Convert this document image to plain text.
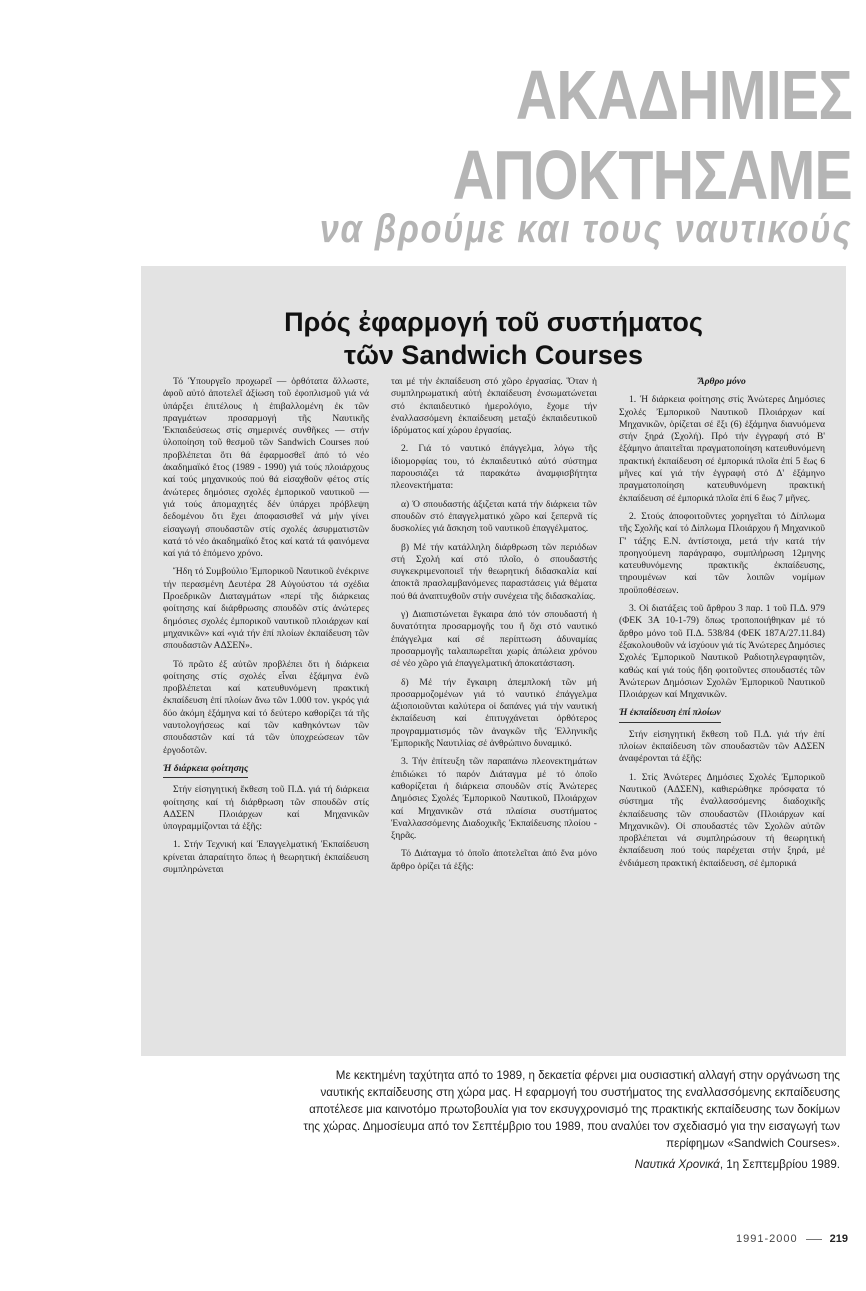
ΑΚΑΔΗΜΙΕΣ
ΑΠΟΚΤΗΣΑΜΕ
να βρούμε και τους ναυτικούς
Πρός ἐφαρμογή τοῦ συστήματος
τῶν Sandwich Courses

Τό Ὑπουργεῖο προχωρεῖ — ὀρθότατα ἄλλωστε, ἀφοῦ αὐτό ἀποτελεῖ ἀξίωση τοῦ ἐφοπλισμοῦ γιά νά ὑπάρξει ἐπιτέλους ἡ ἐπιβαλλομένη ἐκ τῶν πραγμάτων προσαρμογή τῆς Ναυτικῆς Ἐκπαιδεύσεως στίς σημερινές συνθῆκες — στήν ὑλοποίηση τοῦ θεσμοῦ τῶν Sandwich Courses πού προβλέπεται ὅτι θά ἐφαρμοσθεῖ ἀπό τό νέο ἀκαδημαϊκό ἔτος (1989 - 1990) γιά τούς πλοιάρχους καί τούς μηχανικούς πού θά εἰσαχθοῦν φέτος στίς ἀνώτερες δημόσιες σχολές ἐμπορικοῦ ναυτικοῦ — γιά τούς ἀπομαχητές δέν ὑπάρχει πρόβλεψη δεδομένου ὅτι ἔχει ἀποφασισθεῖ νά μήν γίνει εἰσαγωγή σπουδαστῶν στίς σχολές ἀσυρματιστῶν κατά τό νέο ἀκαδημαϊκό ἔτος καί κατά τά φαινόμενα καί γιά τό ἑπόμενο χρόνο.

Ἤδη τό Συμβούλιο Ἐμπορικοῦ Ναυτικοῦ ἐνέκρινε τήν περασμένη Δευτέρα 28 Αὐγούστου τά σχέδια Προεδρικῶν Διαταγμάτων «περί τῆς διάρκειας φοίτησης καί διάρθρωσης σπουδῶν στίς ἀνώτερες δημόσιες σχολές ἐμπορικοῦ ναυτικοῦ πλοιάρχων καί μηχανικῶν» καί «γιά τήν ἐπί πλοίων ἐκπαίδευση τῶν σπουδαστῶν ΑΔΣΕΝ».

Τό πρῶτο ἐξ αὐτῶν προβλέπει ὅτι ἡ διάρκεια φοίτησης στίς σχολές εἶναι ἑξάμηνα ἐνῶ προβλέπεται καί κατευθυνόμενη πρακτική ἐκπαίδευση ἐπί πλοίων ἄνω τῶν 1.000 τον. γκρός γιά δύο ἀκόμη ἑξάμηνα καί τό δεύτερο καθορίζει τά τῆς ναυτολογήσεως καί τῶν καθηκόντων τῶν σπουδαστῶν καί τά τῶν ὑποχρεώσεων τῶν ἐργοδοτῶν.

Ἡ διάρκεια φοίτησης

Στήν εἰσηγητική ἔκθεση τοῦ Π.Δ. γιά τή διάρκεια φοίτησης καί τή διάρθρωση τῶν σπουδῶν στίς ΑΔΣΕΝ Πλοιάρχων καί Μηχανικῶν ὑπογραμμίζονται τά ἑξῆς:

1. Στήν Τεχνική καί Ἐπαγγελματική Ἐκπαίδευση κρίνεται ἀπαραίτητο ὅπως ἡ θεωρητική ἐκπαίδευση συμπληρώνεται

ται μέ τήν ἐκπαίδευση στό χῶρο ἐργασίας. Ὅταν ἡ συμπληρωματική αὐτή ἐκπαίδευση ἐνσωματώνεται στό ἐκπαιδευτικό ἡμερολόγιο, ἔχομε τήν ἐναλλασσόμενη ἐκπαίδευση μεταξύ ἐκπαιδευτικοῦ ἱδρύματος καί χώρου ἐργασίας.

2. Γιά τό ναυτικό ἐπάγγελμα, λόγω τῆς ἰδιομορφίας του, τό ἐκπαιδευτικό αὐτό σύστημα παρουσιάζει τά παρακάτω ἀναμφισβήτητα πλεονεκτήματα:

α) Ὁ σπουδαστής ἀξιζεται κατά τήν διάρκεια τῶν σπουδῶν στό ἐπαγγελματικό χῶρο καί ξεπερνᾶ τίς δυσκολίες γιά ἄσκηση τοῦ ναυτικοῦ ἐπαγγέλματος.

β) Μέ τήν κατάλληλη διάρθρωση τῶν περιόδων στή Σχολή καί στό πλοῖο, ὁ σπουδαστής συγκεκριμενοποιεῖ τήν θεωρητική διδασκαλία καί ἀποκτᾶ πρασλαμβανόμενες παραστάσεις γιά θέματα πού θά ἀναπτυχθοῦν στήν συνέχεια τῆς διδασκαλίας.

γ) Διαπιστώνεται ἔγκαιρα ἀπό τόν σπουδαστή ἡ δυνατότητα προσαρμογῆς του ἤ ὄχι στό ναυτικό ἐπάγγελμα καί σέ περίπτωση ἀδυναμίας προσαρμογῆς ταλαιπωρεῖται χωρίς ἀπώλεια χρόνου σέ νέο χῶρο γιά ἐπαγγελματική ἀποκατάσταση.

δ) Μέ τήν ἔγκαιρη ἀπεμπλοκή τῶν μή προσαρμοζομένων γιά τό ναυτικό ἐπάγγελμα ἀξιοποιοῦνται καλύτερα οἱ δαπάνες γιά τήν ναυτική ἐκπαίδευση καί ἐπιτυγχάνεται ὀρθότερος προγραμματισμός τῶν ἀναγκῶν τῆς Ἑλληνικῆς Ἐμπορικῆς Ναυτιλίας σέ ἀνθρώπινο δυναμικό.

3. Τήν ἐπίτευξη τῶν παραπάνω πλεονεκτημάτων ἐπιδιώκει τό παρόν Διάταγμα μέ τό ὁποῖο καθορίζεται ἡ διάρκεια σπουδῶν στίς Ἀνώτερες Δημόσιες Σχολές Ἐμπορικοῦ Ναυτικοῦ, Πλοιάρχων καί Μηχανικῶν στά πλαίσια συστήματος Ἐναλλασσόμενης Διαδοχικῆς Ἐκπαίδευσης πλοίου - ξηρᾶς.

Τό Διάταγμα τό ὁποῖο ἀποτελεῖται ἀπό ἕνα μόνο ἄρθρο ὁρίζει τά ἑξῆς:

Ἄρθρο μόνο

1. Ἡ διάρκεια φοίτησης στίς Ἀνώτερες Δημόσιες Σχολές Ἐμπορικοῦ Ναυτικοῦ Πλοιάρχων καί Μηχανικῶν, ὁρίζεται σέ ἕξι (6) ἑξάμηνα διανυόμενα στήν ξηρά (Σχολή). Πρό τήν ἐγγραφή στό Β' ἑξάμηνο ἀπαιτεῖται πραγματοποίηση κατευθυνόμενη πρακτική ἐκπαίδευση σέ ἐμπορικά πλοῖα ἐπί 5 ἕως 6 μῆνες καί γιά τήν ἐγγραφή στό Δ' ἑξάμηνο πραγματοποίηση κατευθυνόμενη πρακτική ἐκπαίδευση σέ ἐμπορικά πλοῖα ἐπί 6 ἕως 7 μῆνες.

2. Στούς ἀποφοιτοῦντες χορηγεῖται τό Δίπλωμα τῆς Σχολῆς καί τό Δίπλωμα Πλοιάρχου ἤ Μηχανικοῦ Γ' τάξης Ε.Ν. ἀντίστοιχα, μετά τήν κατά τήν προηγούμενη παράγραφο, συμπλήρωση 12μηνης κατευθυνόμενης πρακτικῆς ἐκπαίδευσης, τηρουμένων καί τῶν λοιπῶν νομίμων προϋποθέσεων.

3. Οἱ διατάξεις τοῦ ἄρθρου 3 παρ. 1 τοῦ Π.Δ. 979 (ΦΕΚ 3Α 10-1-79) ὅπως τροποποιήθηκαν μέ τό ἄρθρο μόνο τοῦ Π.Δ. 538/84 (ΦΕΚ 187Α/27.11.84) ἐξακολουθοῦν νά ἰσχύουν γιά τίς Ἀνώτερες Δημόσιες Σχολές Ἐμπορικοῦ Ναυτικοῦ Ραδιοτηλεγραφητῶν, καθώς καί γιά τούς ἤδη φοιτοῦντες σπουδαστές τῶν Ἀνώτερων Δημόσιων Σχολῶν Ἐμπορικοῦ Ναυτικοῦ Πλοιάρχων καί Μηχανικῶν.

Ἡ ἐκπαίδευση ἐπί πλοίων

Στήν εἰσηγητική ἔκθεση τοῦ Π.Δ. γιά τήν ἐπί πλοίων ἐκπαίδευση τῶν σπουδαστῶν τῶν ΑΔΣΕΝ ἀναφέρονται τά ἑξῆς:

1. Στίς Ἀνώτερες Δημόσιες Σχολές Ἐμπορικοῦ Ναυτικοῦ (ΑΔΣΕΝ), καθιερώθηκε πρόσφατα τό σύστημα τῆς ἐναλλασσόμενης διαδοχικῆς ἐκπαίδευσης τῶν σπουδαστῶν (Πλοιάρχων καί Μηχανικῶν). Οἱ σπουδαστές τῶν Σχολῶν αὐτῶν προβλέπεται νά συμπληρώσουν τή θεωρητική ἐκπαίδευση πού τούς παρέχεται στήν ξηρά, μέ ἐνδιάμεση πρακτική ἐκπαίδευση, σέ ἐμπορικά

Με κεκτημένη ταχύτητα από το 1989, η δεκαετία φέρνει μια ουσιαστική αλλαγή στην οργάνωση της ναυτικής εκπαίδευσης στη χώρα μας. Η εφαρμογή του συστήματος της εναλλασσόμενης εκπαίδευσης αποτέλεσε μια καινοτόμο πρωτοβουλία για τον εκσυγχρονισμό της πρακτικής εκπαίδευσης των δοκίμων της χώρας. Δημοσίευμα από τον Σεπτέμβριο του 1989, που αναλύει τον σχεδιασμό για την εισαγωγή των περίφημων «Sandwich Courses».
Ναυτικά Χρονικά, 1η Σεπτεμβρίου 1989.
1991-2000	219
